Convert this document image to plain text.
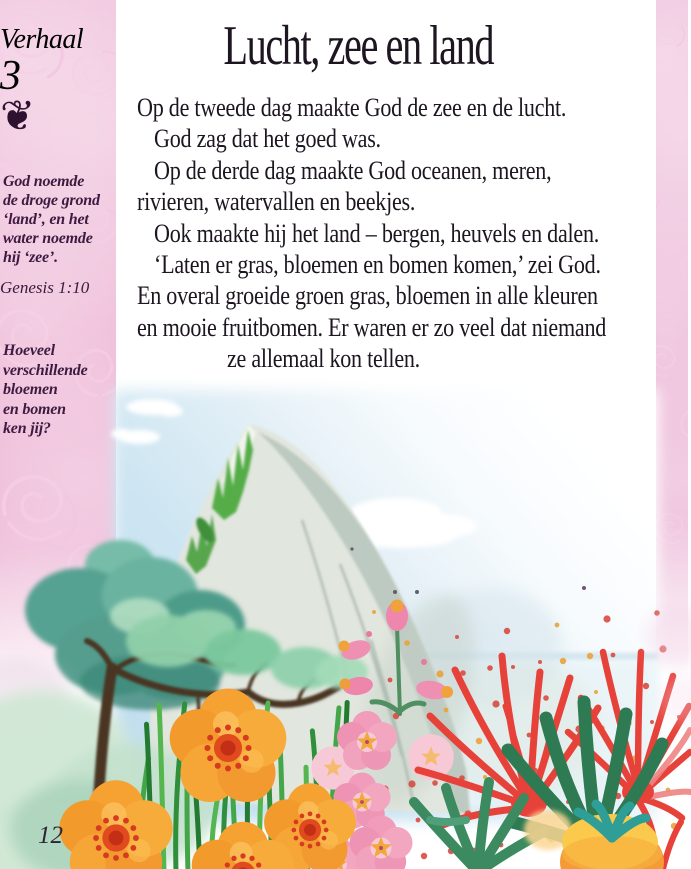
Verhaal
3
❦
God noemde
de droge grond
‘land’, en het
water noemde
hij ‘zee’.
Genesis 1:10
Hoeveel
verschillende
bloemen
en bomen
ken jij?
Lucht, zee en land
Op de tweede dag maakte God de zee en de lucht.
God zag dat het goed was.
Op de derde dag maakte God oceanen, meren,
rivieren, watervallen en beekjes.
Ook maakte hij het land – bergen, heuvels en dalen.
‘Laten er gras, bloemen en bomen komen,’ zei God.
En overal groeide groen gras, bloemen in alle kleuren
en mooie fruitbomen. Er waren er zo veel dat niemand
ze allemaal kon tellen.
12
